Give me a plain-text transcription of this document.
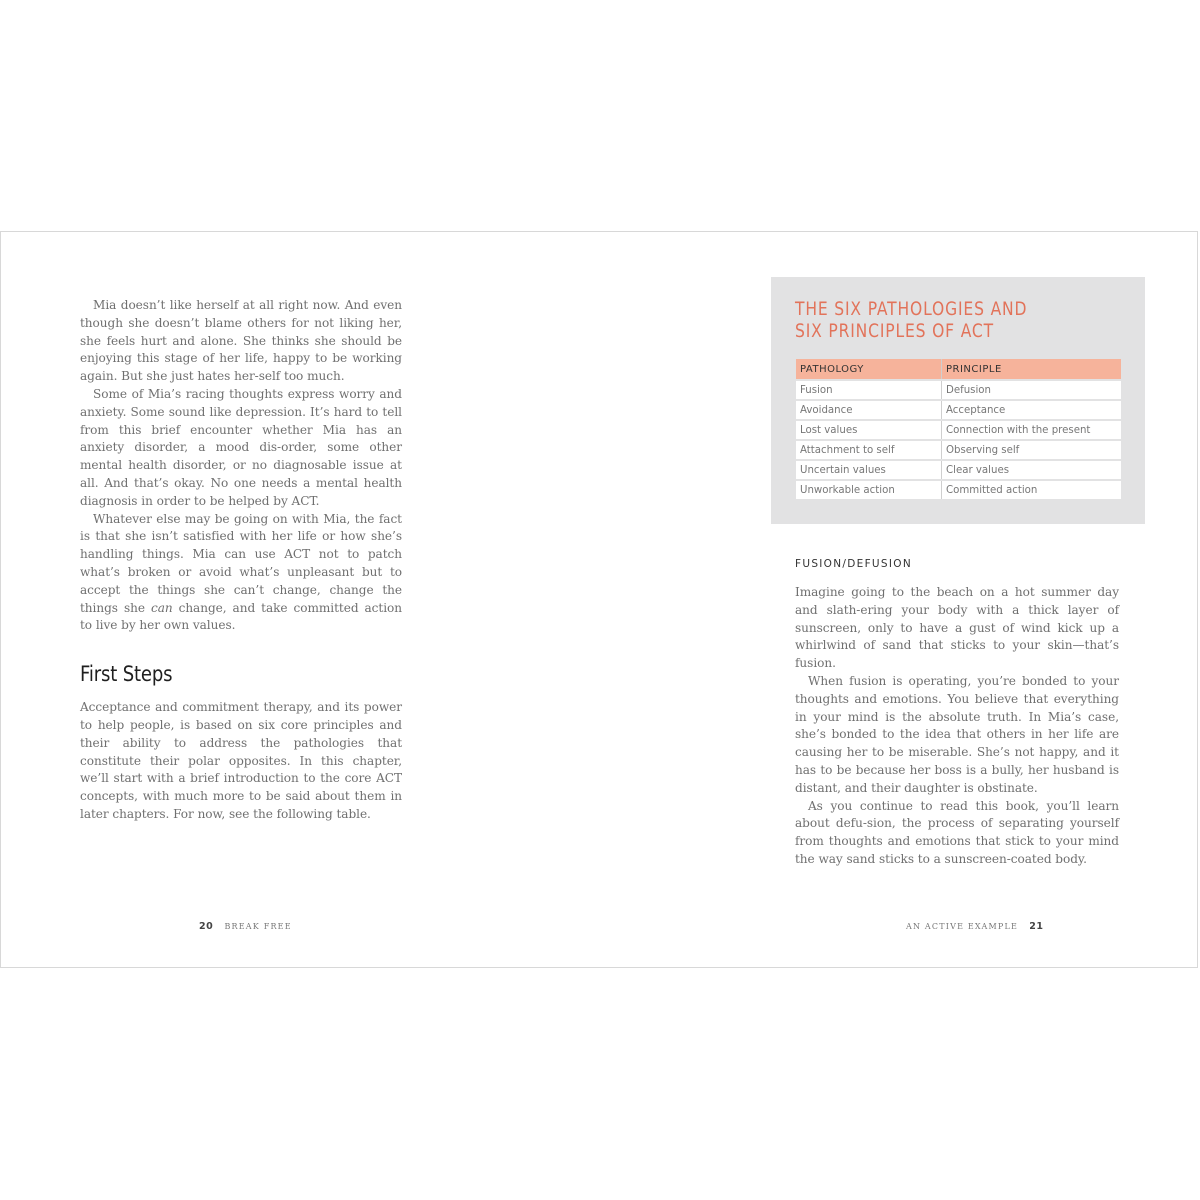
Mia doesn’t like herself at all right now. And even though she doesn’t blame others for not liking her, she feels hurt and alone. She thinks she should be enjoying this stage of her life, happy to be working again. But she just hates her-self too much.

Some of Mia’s racing thoughts express worry and anxiety. Some sound like depression. It’s hard to tell from this brief encounter whether Mia has an anxiety disorder, a mood dis-order, some other mental health disorder, or no diagnosable issue at all. And that’s okay. No one needs a mental health diagnosis in order to be helped by ACT.

Whatever else may be going on with Mia, the fact is that she isn’t satisfied with her life or how she’s handling things. Mia can use ACT not to patch what’s broken or avoid what’s unpleasant but to accept the things she can’t change, change the things she can change, and take committed action to live by her own values.

First Steps

Acceptance and commitment therapy, and its power to help people, is based on six core principles and their ability to address the pathologies that constitute their polar opposites. In this chapter, we’ll start with a brief introduction to the core ACT concepts, with much more to be said about them in later chapters. For now, see the following table.

20 BREAK FREE
THE SIX PATHOLOGIES AND
SIX PRINCIPLES OF ACT
PATHOLOGY	PRINCIPLE
Fusion	Defusion
Avoidance	Acceptance
Lost values	Connection with the present
Attachment to self	Observing self
Uncertain values	Clear values
Unworkable action	Committed action
FUSION/DEFUSION

Imagine going to the beach on a hot summer day and slath-ering your body with a thick layer of sunscreen, only to have a gust of wind kick up a whirlwind of sand that sticks to your skin—that’s fusion.

When fusion is operating, you’re bonded to your thoughts and emotions. You believe that everything in your mind is the absolute truth. In Mia’s case, she’s bonded to the idea that others in her life are causing her to be miserable. She’s not happy, and it has to be because her boss is a bully, her husband is distant, and their daughter is obstinate.

As you continue to read this book, you’ll learn about defu-sion, the process of separating yourself from thoughts and emotions that stick to your mind the way sand sticks to a sunscreen-coated body.

AN ACTIVE EXAMPLE 21
